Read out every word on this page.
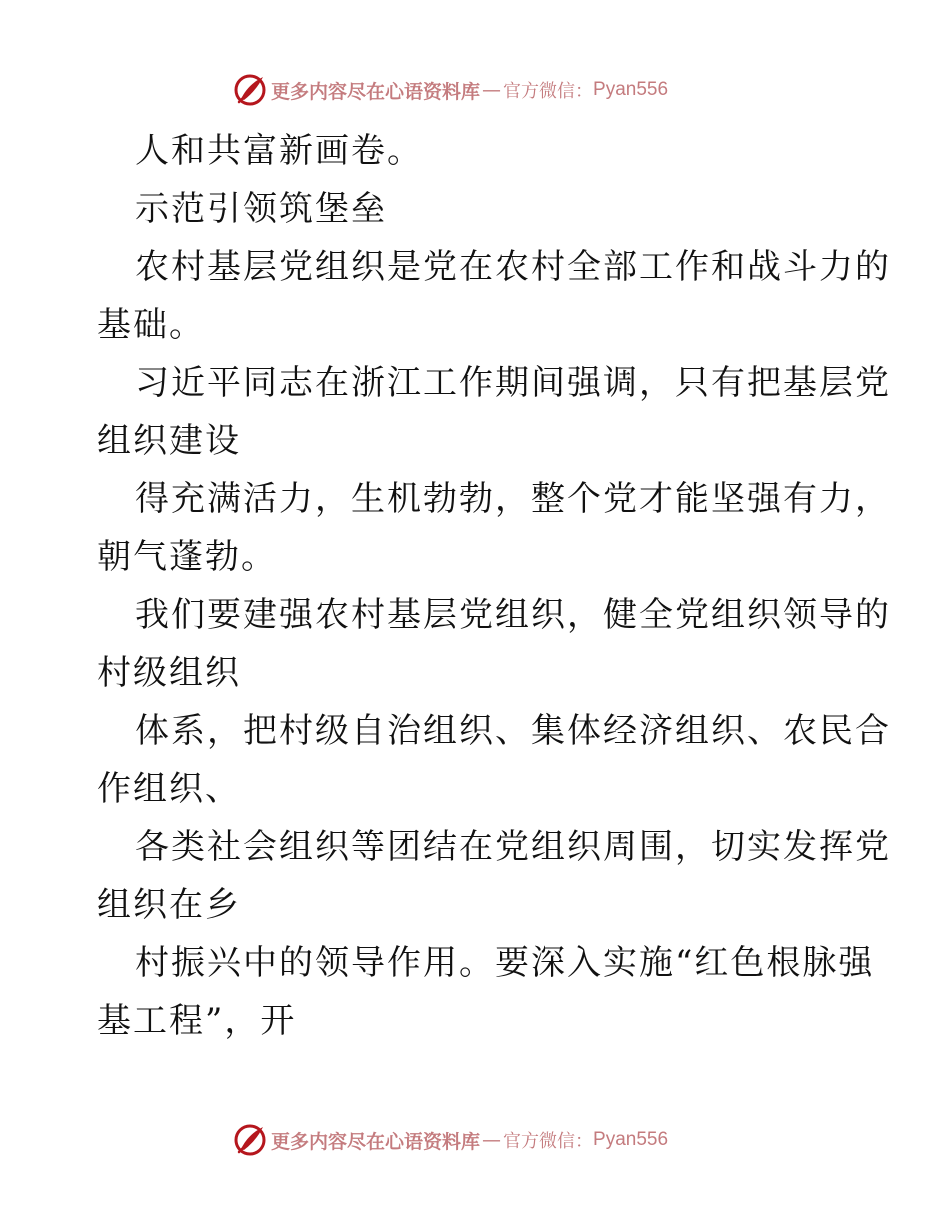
更多内容尽在心语资料库 — 官方微信： Pyan556
人和共富新画卷。
示范引领筑堡垒
农村基层党组织是党在农村全部工作和战斗力的
基础。
习近平同志在浙江工作期间强调，只有把基层党
组织建设
得充满活力，生机勃勃，整个党才能坚强有力，
朝气蓬勃。
我们要建强农村基层党组织，健全党组织领导的
村级组织
体系，把村级自治组织、集体经济组织、农民合
作组织、
各类社会组织等团结在党组织周围，切实发挥党
组织在乡
村振兴中的领导作用。要深入实施“红色根脉强
基工程”，开
更多内容尽在心语资料库 — 官方微信： Pyan556
